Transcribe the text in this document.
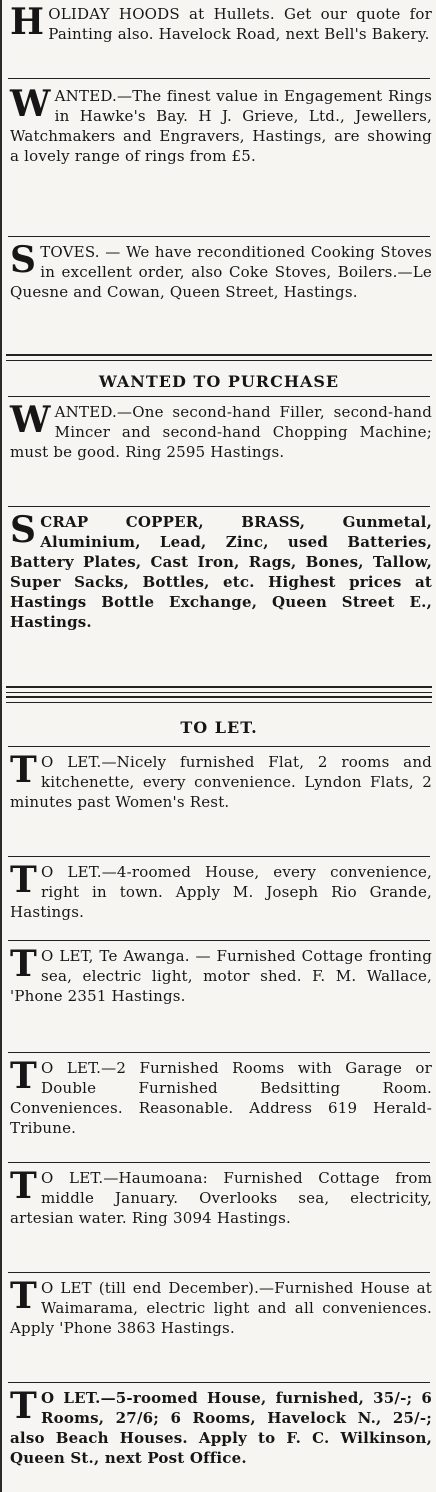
HOLIDAY HOODS at Hullets. Get our quote for Painting also. Havelock Road, next Bell's Bakery.

WANTED.—The finest value in Engagement Rings in Hawke's Bay. H J. Grieve, Ltd., Jewellers, Watchmakers and Engravers, Hastings, are showing a lovely range of rings from £5.

STOVES. — We have reconditioned Cooking Stoves in excellent order, also Coke Stoves, Boilers.—Le Quesne and Cowan, Queen Street, Hastings.

WANTED TO PURCHASE

WANTED.—One second-hand Filler, second-hand Mincer and second-hand Chopping Machine; must be good. Ring 2595 Hastings.

SCRAP COPPER, BRASS, Gunmetal, Aluminium, Lead, Zinc, used Batteries, Battery Plates, Cast Iron, Rags, Bones, Tallow, Super Sacks, Bottles, etc. Highest prices at Hastings Bottle Exchange, Queen Street E., Hastings.

TO LET.

T O LET.—Nicely furnished Flat, 2 rooms and kitchenette, every convenience. Lyndon Flats, 2 minutes past Women's Rest.

T O LET.—4-roomed House, every convenience, right in town. Apply M. Joseph Rio Grande, Hastings.

T O LET, Te Awanga. — Furnished Cottage fronting sea, electric light, motor shed. F. M. Wallace, 'Phone 2351 Hastings.

T O LET.—2 Furnished Rooms with Garage or Double Furnished Bedsitting Room. Conveniences. Reasonable. Address 619 Herald-Tribune.

T O LET.—Haumoana: Furnished Cottage from middle January. Overlooks sea, electricity, artesian water. Ring 3094 Hastings.

T O LET (till end December).—Furnished House at Waimarama, electric light and all conveniences. Apply 'Phone 3863 Hastings.

T O LET.—5-roomed House, furnished, 35/-; 6 Rooms, 27/6; 6 Rooms, Havelock N., 25/-; also Beach Houses. Apply to F. C. Wilkinson, Queen St., next Post Office.
